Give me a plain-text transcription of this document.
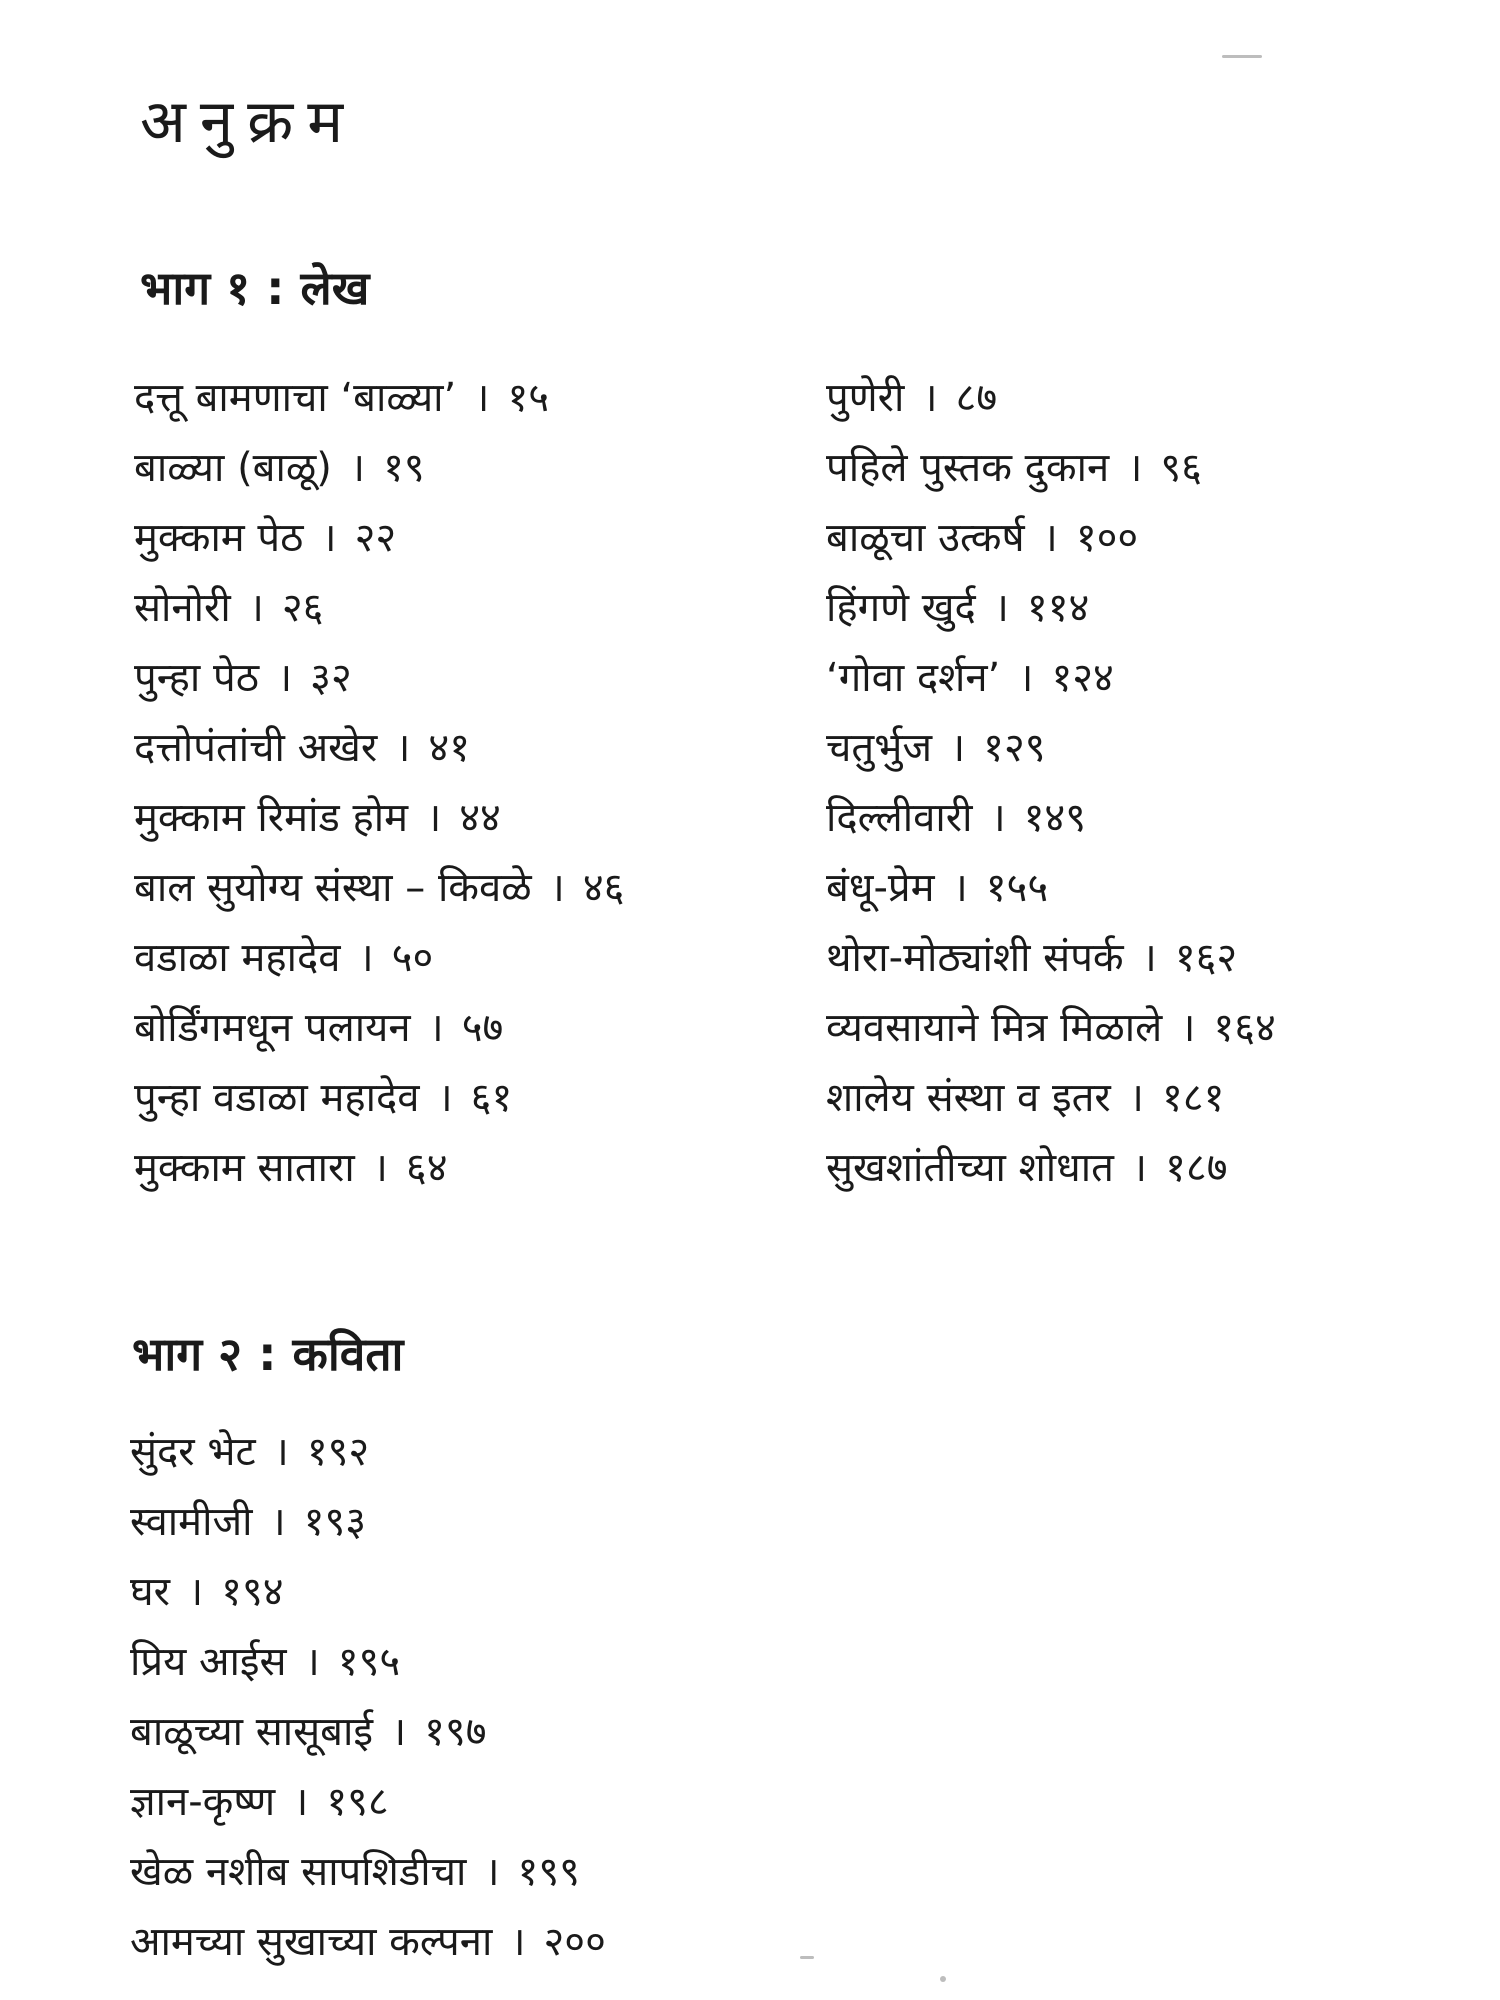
अनुक्रम
भाग १ : लेख
दत्तू बामणाचा ‘बाळ्या’ । १५
बाळ्या (बाळू) । १९
मुक्काम पेठ । २२
सोनोरी । २६
पुन्हा पेठ । ३२
दत्तोपंतांची अखेर । ४१
मुक्काम रिमांड होम । ४४
बाल सुयोग्य संस्था – किवळे । ४६
वडाळा महादेव । ५०
बोर्डिंगमधून पलायन । ५७
पुन्हा वडाळा महादेव । ६१
मुक्काम सातारा । ६४
पुणेरी । ८७
पहिले पुस्तक दुकान । ९६
बाळूचा उत्कर्ष । १००
हिंगणे खुर्द । ११४
‘गोवा दर्शन’ । १२४
चतुर्भुज । १२९
दिल्लीवारी । १४९
बंधू-प्रेम । १५५
थोरा-मोठ्यांशी संपर्क । १६२
व्यवसायाने मित्र मिळाले । १६४
शालेय संस्था व इतर । १८१
सुखशांतीच्या शोधात । १८७
भाग २ : कविता
सुंदर भेट । १९२
स्वामीजी । १९३
घर । १९४
प्रिय आईस । १९५
बाळूच्या सासूबाई । १९७
ज्ञान-कृष्ण । १९८
खेळ नशीब सापशिडीचा । १९९
आमच्या सुखाच्या कल्पना । २००
